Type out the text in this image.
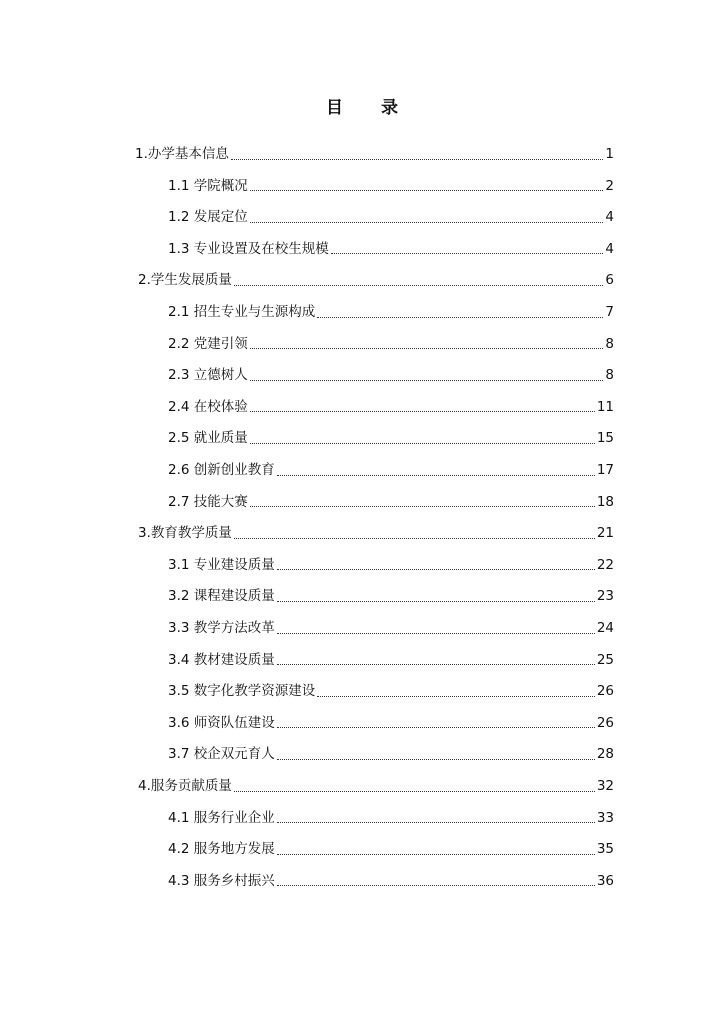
目 录
1.办学基本信息	1
1.1 学院概况	2
1.2 发展定位	4
1.3 专业设置及在校生规模	4
2.学生发展质量	6
2.1 招生专业与生源构成	7
2.2 党建引领	8
2.3 立德树人	8
2.4 在校体验	11
2.5 就业质量	15
2.6 创新创业教育	17
2.7 技能大赛	18
3.教育教学质量	21
3.1 专业建设质量	22
3.2 课程建设质量	23
3.3 教学方法改革	24
3.4 教材建设质量	25
3.5 数字化教学资源建设	26
3.6 师资队伍建设	26
3.7 校企双元育人	28
4.服务贡献质量	32
4.1 服务行业企业	33
4.2 服务地方发展	35
4.3 服务乡村振兴	36
